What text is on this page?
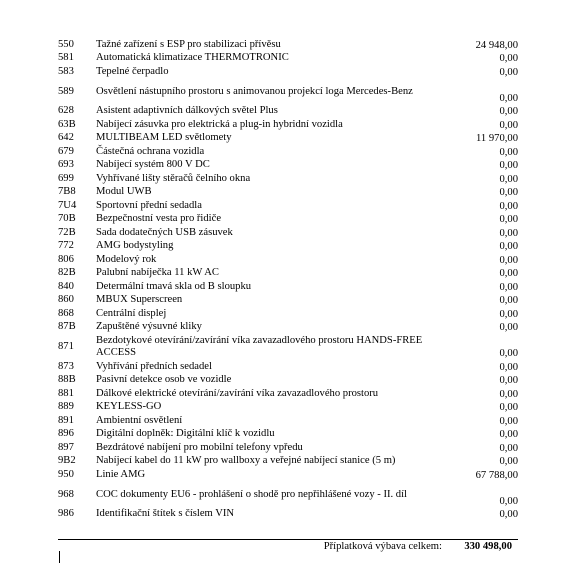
550	Tažné zařízení s ESP pro stabilizaci přívěsu	24 948,00
581	Automatická klimatizace THERMOTRONIC	0,00
583	Tepelné čerpadlo	0,00
589	Osvětlení nástupního prostoru s animovanou projekcí loga Mercedes-Benz	0,00
628	Asistent adaptivních dálkových světel Plus	0,00
63B	Nabíjecí zásuvka pro elektrická a plug-in hybridní vozidla	0,00
642	MULTIBEAM LED světlomety	11 970,00
679	Částečná ochrana vozidla	0,00
693	Nabíjecí systém 800 V DC	0,00
699	Vyhřívané lišty stěračů čelního okna	0,00
7B8	Modul UWB	0,00
7U4	Sportovní přední sedadla	0,00
70B	Bezpečnostní vesta pro řidiče	0,00
72B	Sada dodatečných USB zásuvek	0,00
772	AMG bodystyling	0,00
806	Modelový rok	0,00
82B	Palubní nabíječka 11 kW AC	0,00
840	Determální tmavá skla od B sloupku	0,00
860	MBUX Superscreen	0,00
868	Centrální displej	0,00
87B	Zapuštěné výsuvné kliky	0,00
871	Bezdotykové otevírání/zavírání víka zavazadlového prostoru HANDS-FREE ACCESS	0,00
873	Vyhřívání předních sedadel	0,00
88B	Pasivní detekce osob ve vozidle	0,00
881	Dálkové elektrické otevírání/zavírání víka zavazadlového prostoru	0,00
889	KEYLESS-GO	0,00
891	Ambientní osvětlení	0,00
896	Digitální doplněk: Digitální klíč k vozidlu	0,00
897	Bezdrátové nabíjení pro mobilní telefony vpředu	0,00
9B2	Nabíjecí kabel do 11 kW pro wallboxy a veřejné nabíjecí stanice (5 m)	0,00
950	Linie AMG	67 788,00
968	COC dokumenty EU6 - prohlášení o shodě pro nepřihlášené vozy - II. díl	0,00
986	Identifikační štítek s číslem VIN	0,00
Příplatková výbava celkem: 330 498,00
